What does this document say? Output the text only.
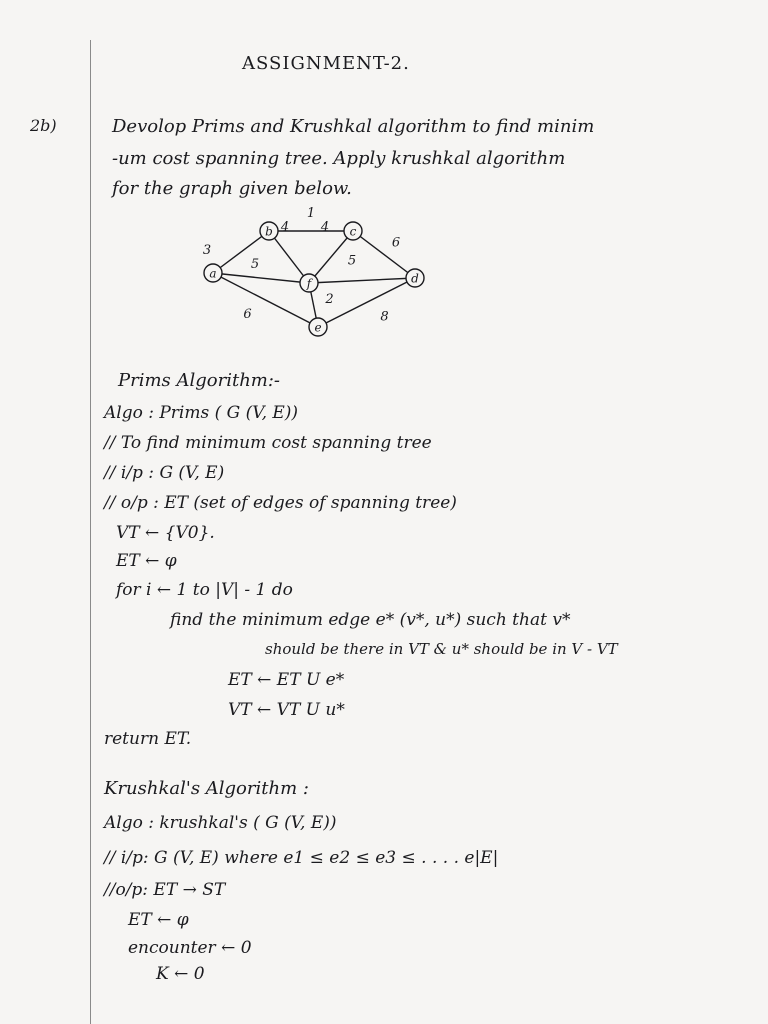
ASSIGNMENT-2.
2b)	Devolop Prims and Krushkal algorithm to find minim
-um cost spanning tree. Apply krushkal algorithm
for the graph given below.
3
1
6
5
4 4
5
2
6	8
a
b	c
f	d
e
Prims Algorithm:-
Algo : Prims ( G (V, E))
// To find minimum cost spanning tree
// i/p : G (V, E)
// o/p : ET (set of edges of spanning tree)
VT ← {V0}.
ET ← φ
for i ← 1 to |V| - 1 do
find the minimum edge e* (v*, u*) such that v*
should be there in VT & u* should be in V - VT
ET ← ET U e*
VT ← VT U u*
return ET.
Krushkal's Algorithm :
Algo : krushkal's ( G (V, E))
// i/p: G (V, E) where e1 ≤ e2 ≤ e3 ≤ . . . . e|E|
//o/p: ET → ST
ET ← φ
encounter ← 0
K ← 0
